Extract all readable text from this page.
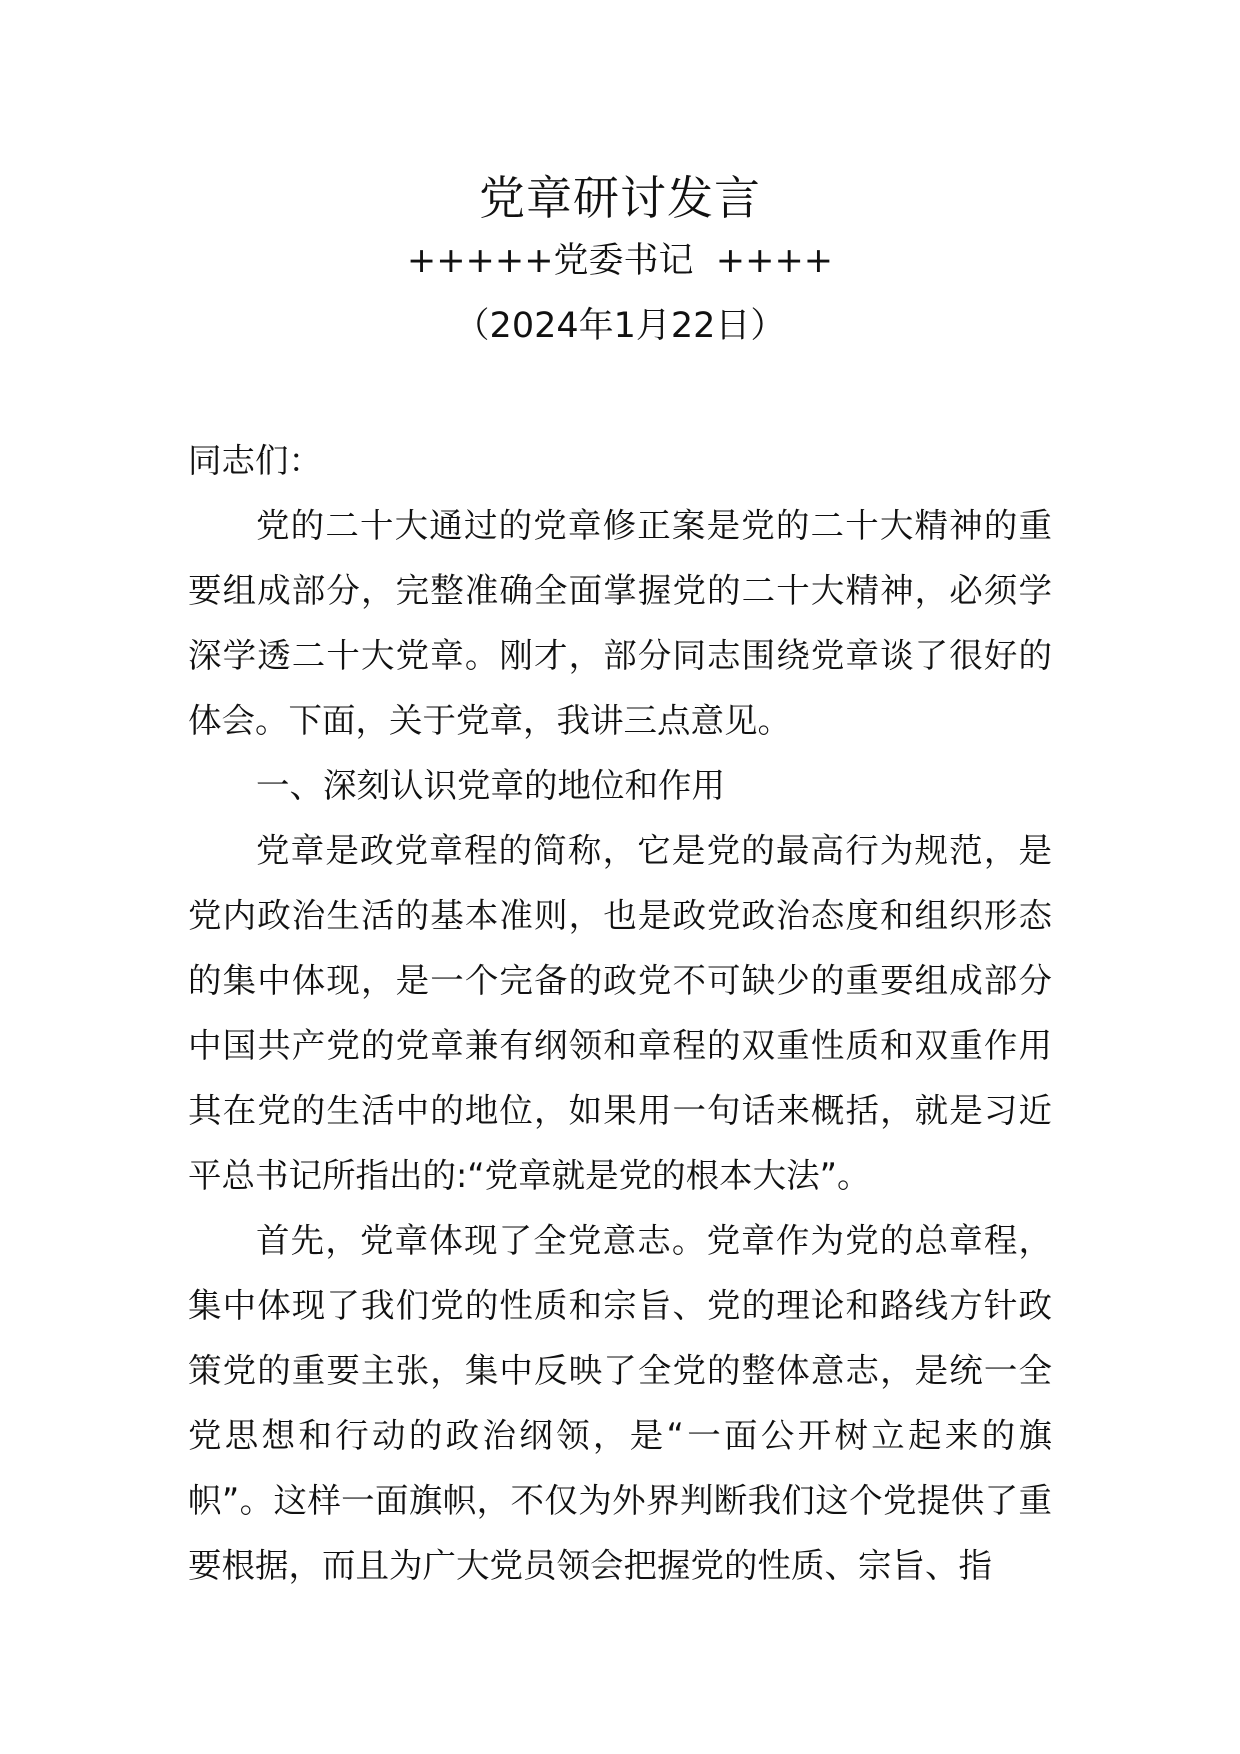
党章研讨发言
+++++党委书记  ++++
（2024年1月22日）

同志们：

党的二十大通过的党章修正案是党的二十大精神的重要组成部分，完整准确全面掌握党的二十大精神，必须学深学透二十大党章。刚才，部分同志围绕党章谈了很好的体会。下面，关于党章，我讲三点意见。

一、深刻认识党章的地位和作用

党章是政党章程的简称，它是党的最高行为规范，是党内政治生活的基本准则，也是政党政治态度和组织形态的集中体现，是一个完备的政党不可缺少的重要组成部分中国共产党的党章兼有纲领和章程的双重性质和双重作用其在党的生活中的地位，如果用一句话来概括，就是习近平总书记所指出的:“党章就是党的根本大法”。

首先，党章体现了全党意志。党章作为党的总章程，集中体现了我们党的性质和宗旨、党的理论和路线方针政策党的重要主张，集中反映了全党的整体意志，是统一全党思想和行动的政治纲领，是“一面公开树立起来的旗帜”。这样一面旗帜，不仅为外界判断我们这个党提供了重要根据，而且为广大党员领会把握党的性质、宗旨、指
